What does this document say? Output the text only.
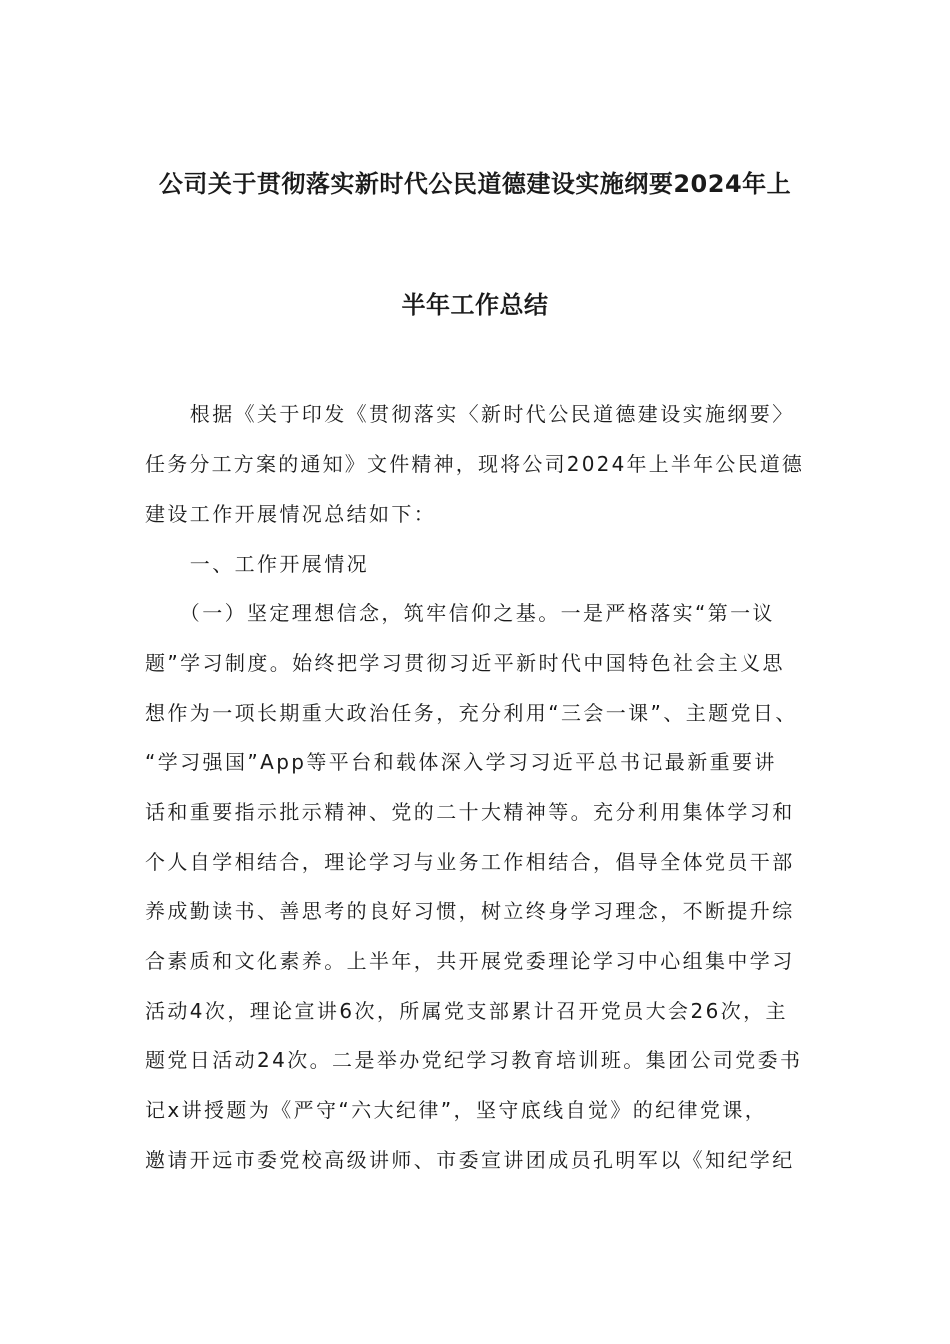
公司关于贯彻落实新时代公民道德建设实施纲要2024年上
半年工作总结
　　根据《关于印发《贯彻落实〈新时代公民道德建设实施纲要〉
任务分工方案的通知》文件精神，现将公司2024年上半年公民道德
建设工作开展情况总结如下：
　　一、工作开展情况
　　（一）坚定理想信念，筑牢信仰之基。一是严格落实“第一议
题”学习制度。始终把学习贯彻习近平新时代中国特色社会主义思
想作为一项长期重大政治任务，充分利用“三会一课”、主题党日、
“学习强国”App等平台和载体深入学习习近平总书记最新重要讲
话和重要指示批示精神、党的二十大精神等。充分利用集体学习和
个人自学相结合，理论学习与业务工作相结合，倡导全体党员干部
养成勤读书、善思考的良好习惯，树立终身学习理念，不断提升综
合素质和文化素养。上半年，共开展党委理论学习中心组集中学习
活动4次，理论宣讲6次，所属党支部累计召开党员大会26次，主
题党日活动24次。二是举办党纪学习教育培训班。集团公司党委书
记x讲授题为《严守“六大纪律”，坚守底线自觉》的纪律党课，
邀请开远市委党校高级讲师、市委宣讲团成员孔明军以《知纪学纪
